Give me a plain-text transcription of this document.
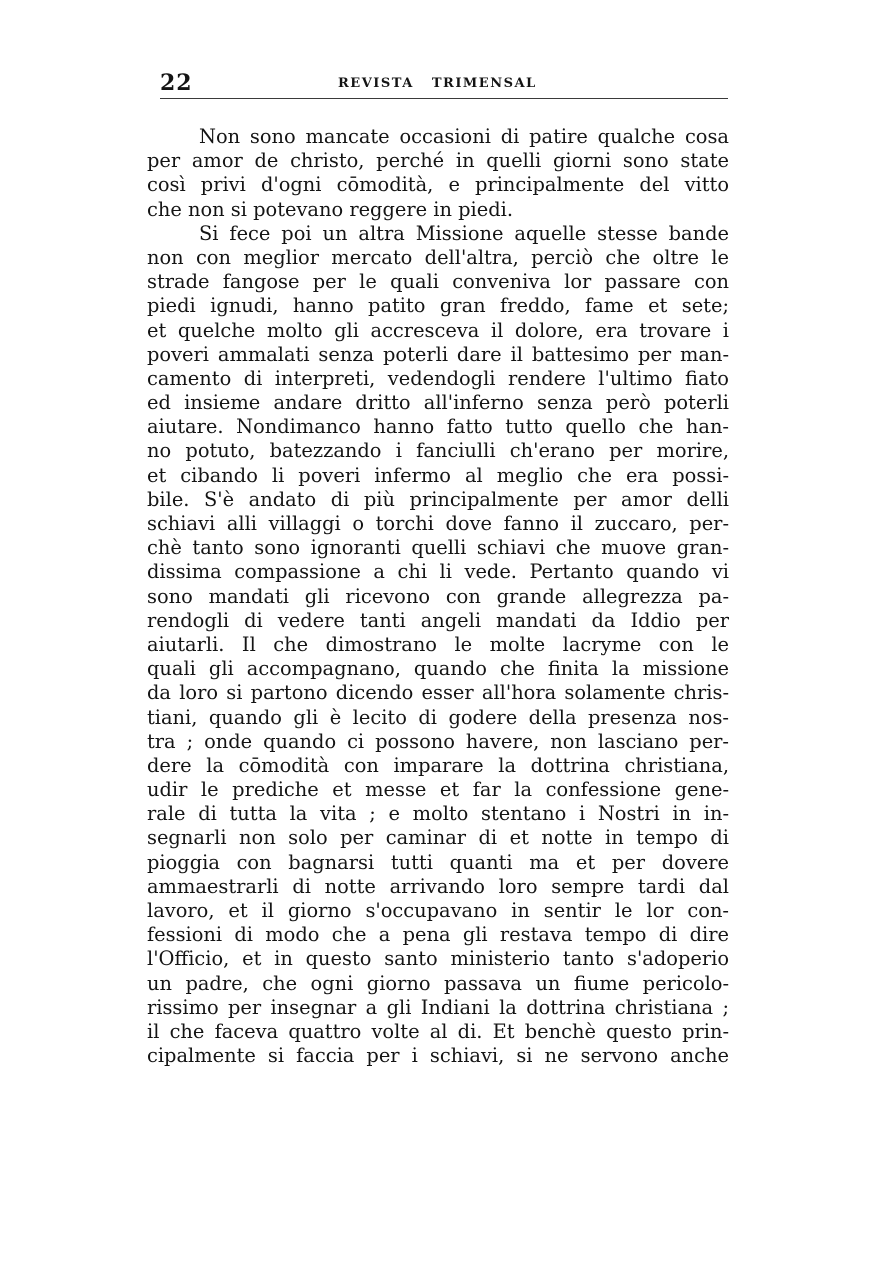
22	REVISTA TRIMENSAL
Non sono mancate occasioni di patire qualche cosa
per amor de christo, perché in quelli giorni sono state
così privi d'ogni cōmodità, e principalmente del vitto
che non si potevano reggere in piedi.
Si fece poi un altra Missione aquelle stesse bande
non con meglior mercato dell'altra, perciò che oltre le
strade fangose per le quali conveniva lor passare con
piedi ignudi, hanno patito gran freddo, fame et sete;
et quelche molto gli accresceva il dolore, era trovare i
poveri ammalati senza poterli dare il battesimo per man-
camento di interpreti, vedendogli rendere l'ultimo fiato
ed insieme andare dritto all'inferno senza però poterli
aiutare. Nondimanco hanno fatto tutto quello che han-
no potuto, batezzando i fanciulli ch'erano per morire,
et cibando li poveri infermo al meglio che era possi-
bile. S'è andato di più principalmente per amor delli
schiavi alli villaggi o torchi dove fanno il zuccaro, per-
chè tanto sono ignoranti quelli schiavi che muove gran-
dissima compassione a chi li vede. Pertanto quando vi
sono mandati gli ricevono con grande allegrezza pa-
rendogli di vedere tanti angeli mandati da Iddio per
aiutarli. Il che dimostrano le molte lacryme con le
quali gli accompagnano, quando che finita la missione
da loro si partono dicendo esser all'hora solamente chris-
tiani, quando gli è lecito di godere della presenza nos-
tra ; onde quando ci possono havere, non lasciano per-
dere la cōmodità con imparare la dottrina christiana,
udir le prediche et messe et far la confessione gene-
rale di tutta la vita ; e molto stentano i Nostri in in-
segnarli non solo per caminar di et notte in tempo di
pioggia con bagnarsi tutti quanti ma et per dovere
ammaestrarli di notte arrivando loro sempre tardi dal
lavoro, et il giorno s'occupavano in sentir le lor con-
fessioni di modo che a pena gli restava tempo di dire
l'Officio, et in questo santo ministerio tanto s'adoperio
un padre, che ogni giorno passava un fiume pericolo-
rissimo per insegnar a gli Indiani la dottrina christiana ;
il che faceva quattro volte al di. Et benchè questo prin-
cipalmente si faccia per i schiavi, si ne servono anche
